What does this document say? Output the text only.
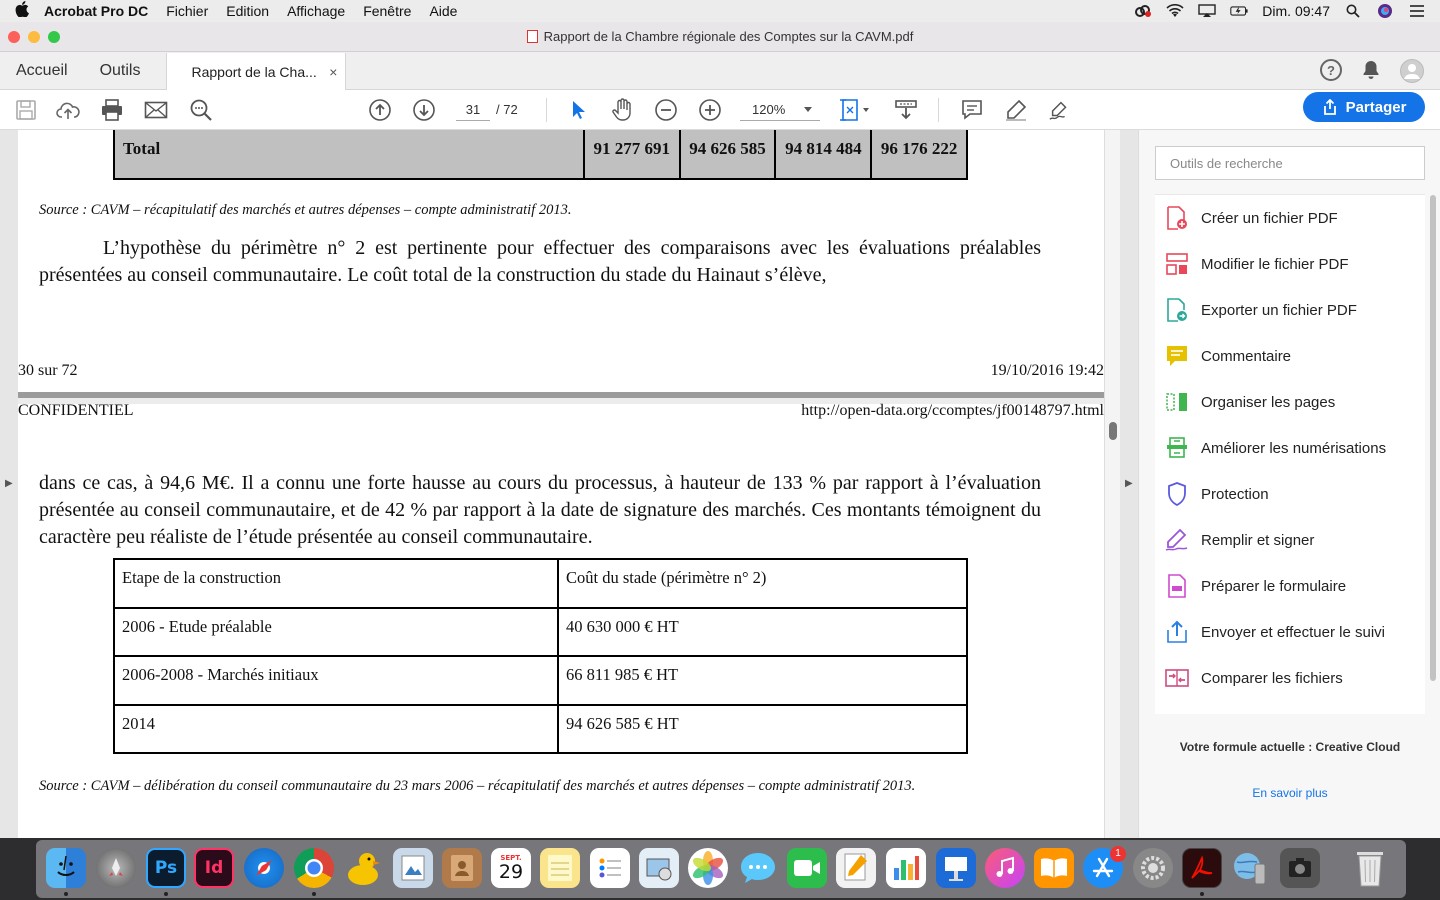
Acrobat Pro DC Fichier Edition Affichage Fenêtre Aide	Dim. 09:47
Rapport de la Chambre régionale des Comptes sur la CAVM.pdf
Accueil	Outils	Rapport de la Cha... ×	?
31	/ 72	120%
▶
Total	91 277 691	94 626 585	94 814 484	96 176 222
Source : CAVM – récapitulatif des marchés et autres dépenses – compte administratif 2013.
L’hypothèse du périmètre n° 2 est pertinente pour effectuer des comparaisons avec les évaluations préalables présentées au conseil communautaire. Le coût total de la construction du stade du Hainaut s’élève,
30 sur 72	19/10/2016 19:42
CONFIDENTIEL	http://open-data.org/ccomptes/jf00148797.html
dans ce cas, à 94,6 M€. Il a connu une forte hausse au cours du processus, à hauteur de 133 % par rapport à l’évaluation présentée au conseil communautaire, et de 42 % par rapport à la date de signature des marchés. Ces montants témoignent du caractère peu réaliste de l’étude présentée au conseil communautaire.
Etape de la construction	Coût du stade (périmètre n° 2)
2006 - Etude préalable	40 630 000 € HT
2006-2008 - Marchés initiaux	66 811 985 € HT
2014	94 626 585 € HT
Source : CAVM – délibération du conseil communautaire du 23 mars 2006 – récapitulatif des marchés et autres dépenses – compte administratif 2013.
▶
Partager
Outils de recherche
Créer un fichier PDF
Modifier le fichier PDF
Exporter un fichier PDF
Commentaire
Organiser les pages
Améliorer les numérisations
Protection
Remplir et signer
Préparer le formulaire
Envoyer et effectuer le suivi
Comparer les fichiers
Votre formule actuelle : Creative Cloud
En savoir plus
Ps	Id	SEPT.
29
1
